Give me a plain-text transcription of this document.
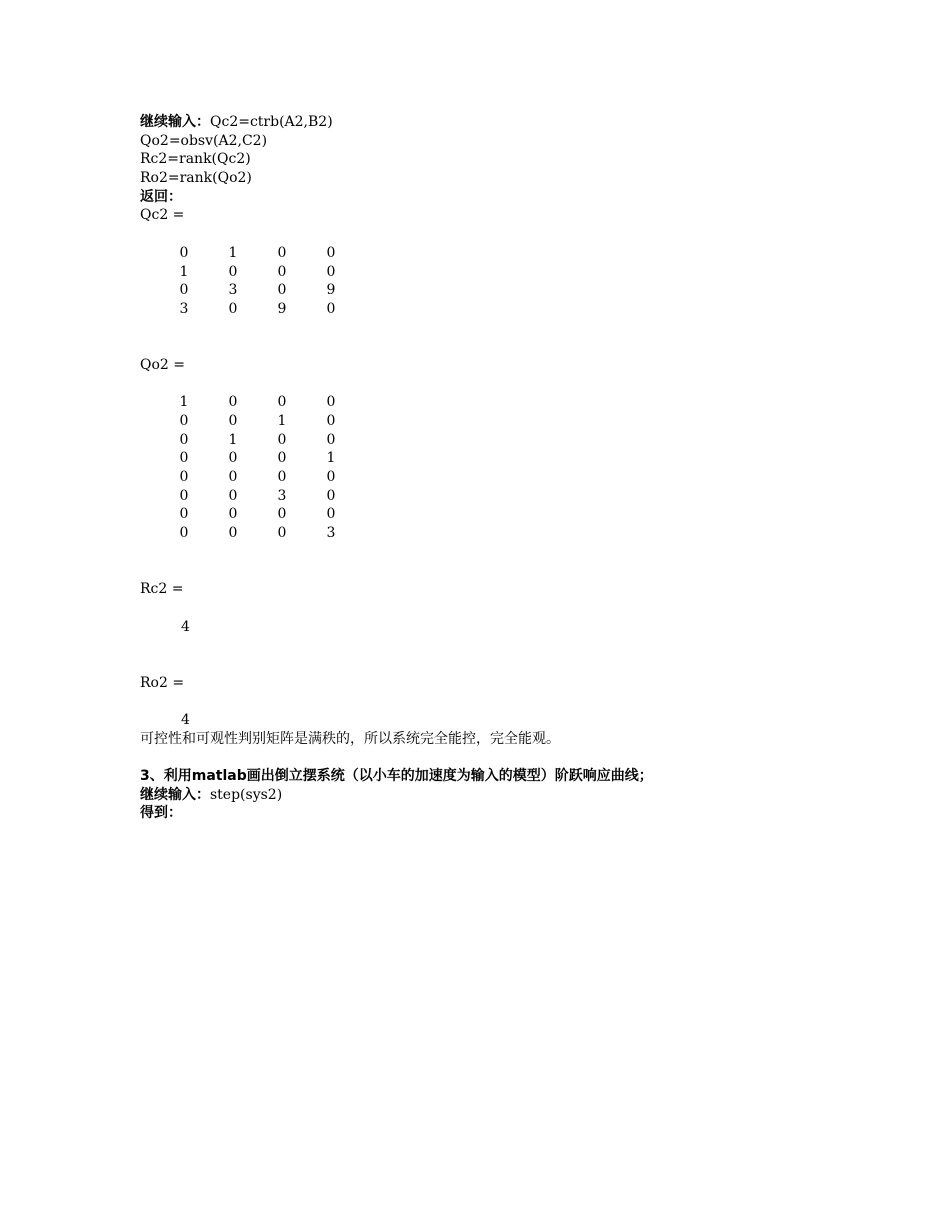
继续输入：Qc2=ctrb(A2,B2)
Qo2=obsv(A2,C2)
Rc2=rank(Qc2)
Ro2=rank(Qo2)
返回：
Qc2 =
0	1	0	0
1	0	0	0
0	3	0	9
3	0	9	0
Qo2 =
1	0	0	0
0	0	1	0
0	1	0	0
0	0	0	1
0	0	0	0
0	0	3	0
0	0	0	0
0	0	0	3
Rc2 =
4
Ro2 =
4
可控性和可观性判别矩阵是满秩的，所以系统完全能控，完全能观。
3、利用matlab画出倒立摆系统（以小车的加速度为输入的模型）阶跃响应曲线；
继续输入：step(sys2)
得到：
